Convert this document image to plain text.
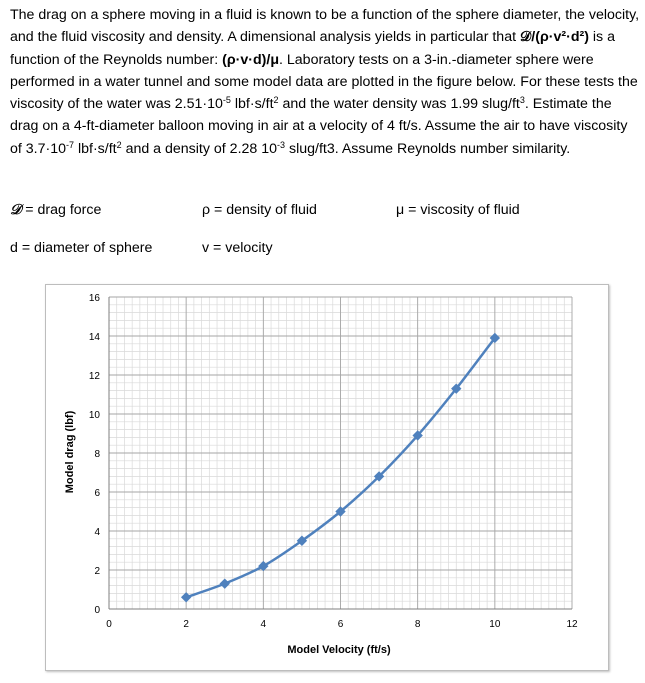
The drag on a sphere moving in a fluid is known to be a function of the sphere diameter, the velocity, and the fluid viscosity and density. A dimensional analysis yields in particular that 𝒟/(ρ·v²·d²) is a function of the Reynolds number: (ρ·v·d)/μ. Laboratory tests on a 3-in.-diameter sphere were performed in a water tunnel and some model data are plotted in the figure below. For these tests the viscosity of the water was $2.51\cdot 10^{-5}$ $lbf\cdot s/ft^2$ and the water density was 1.99 slug/$ft^3$. Estimate the drag on a 4-ft-diameter balloon moving in air at a velocity of 4 ft/s. Assume the air to have viscosity of $3.7\cdot 10^{-7}$ $lbf\cdot s/ft^2$ and a density of 2.28 $10^{-3}$ slug/ft3. Assume Reynolds number similarity.

𝒟 = drag force	ρ = density of fluid	μ = viscosity of fluid
d = diameter of sphere	v = velocity
0	2	4	6	8	10	12
0
2
4
6
8
10
12
14
16
Model Velocity (ft/s)
Model drag (lbf)
